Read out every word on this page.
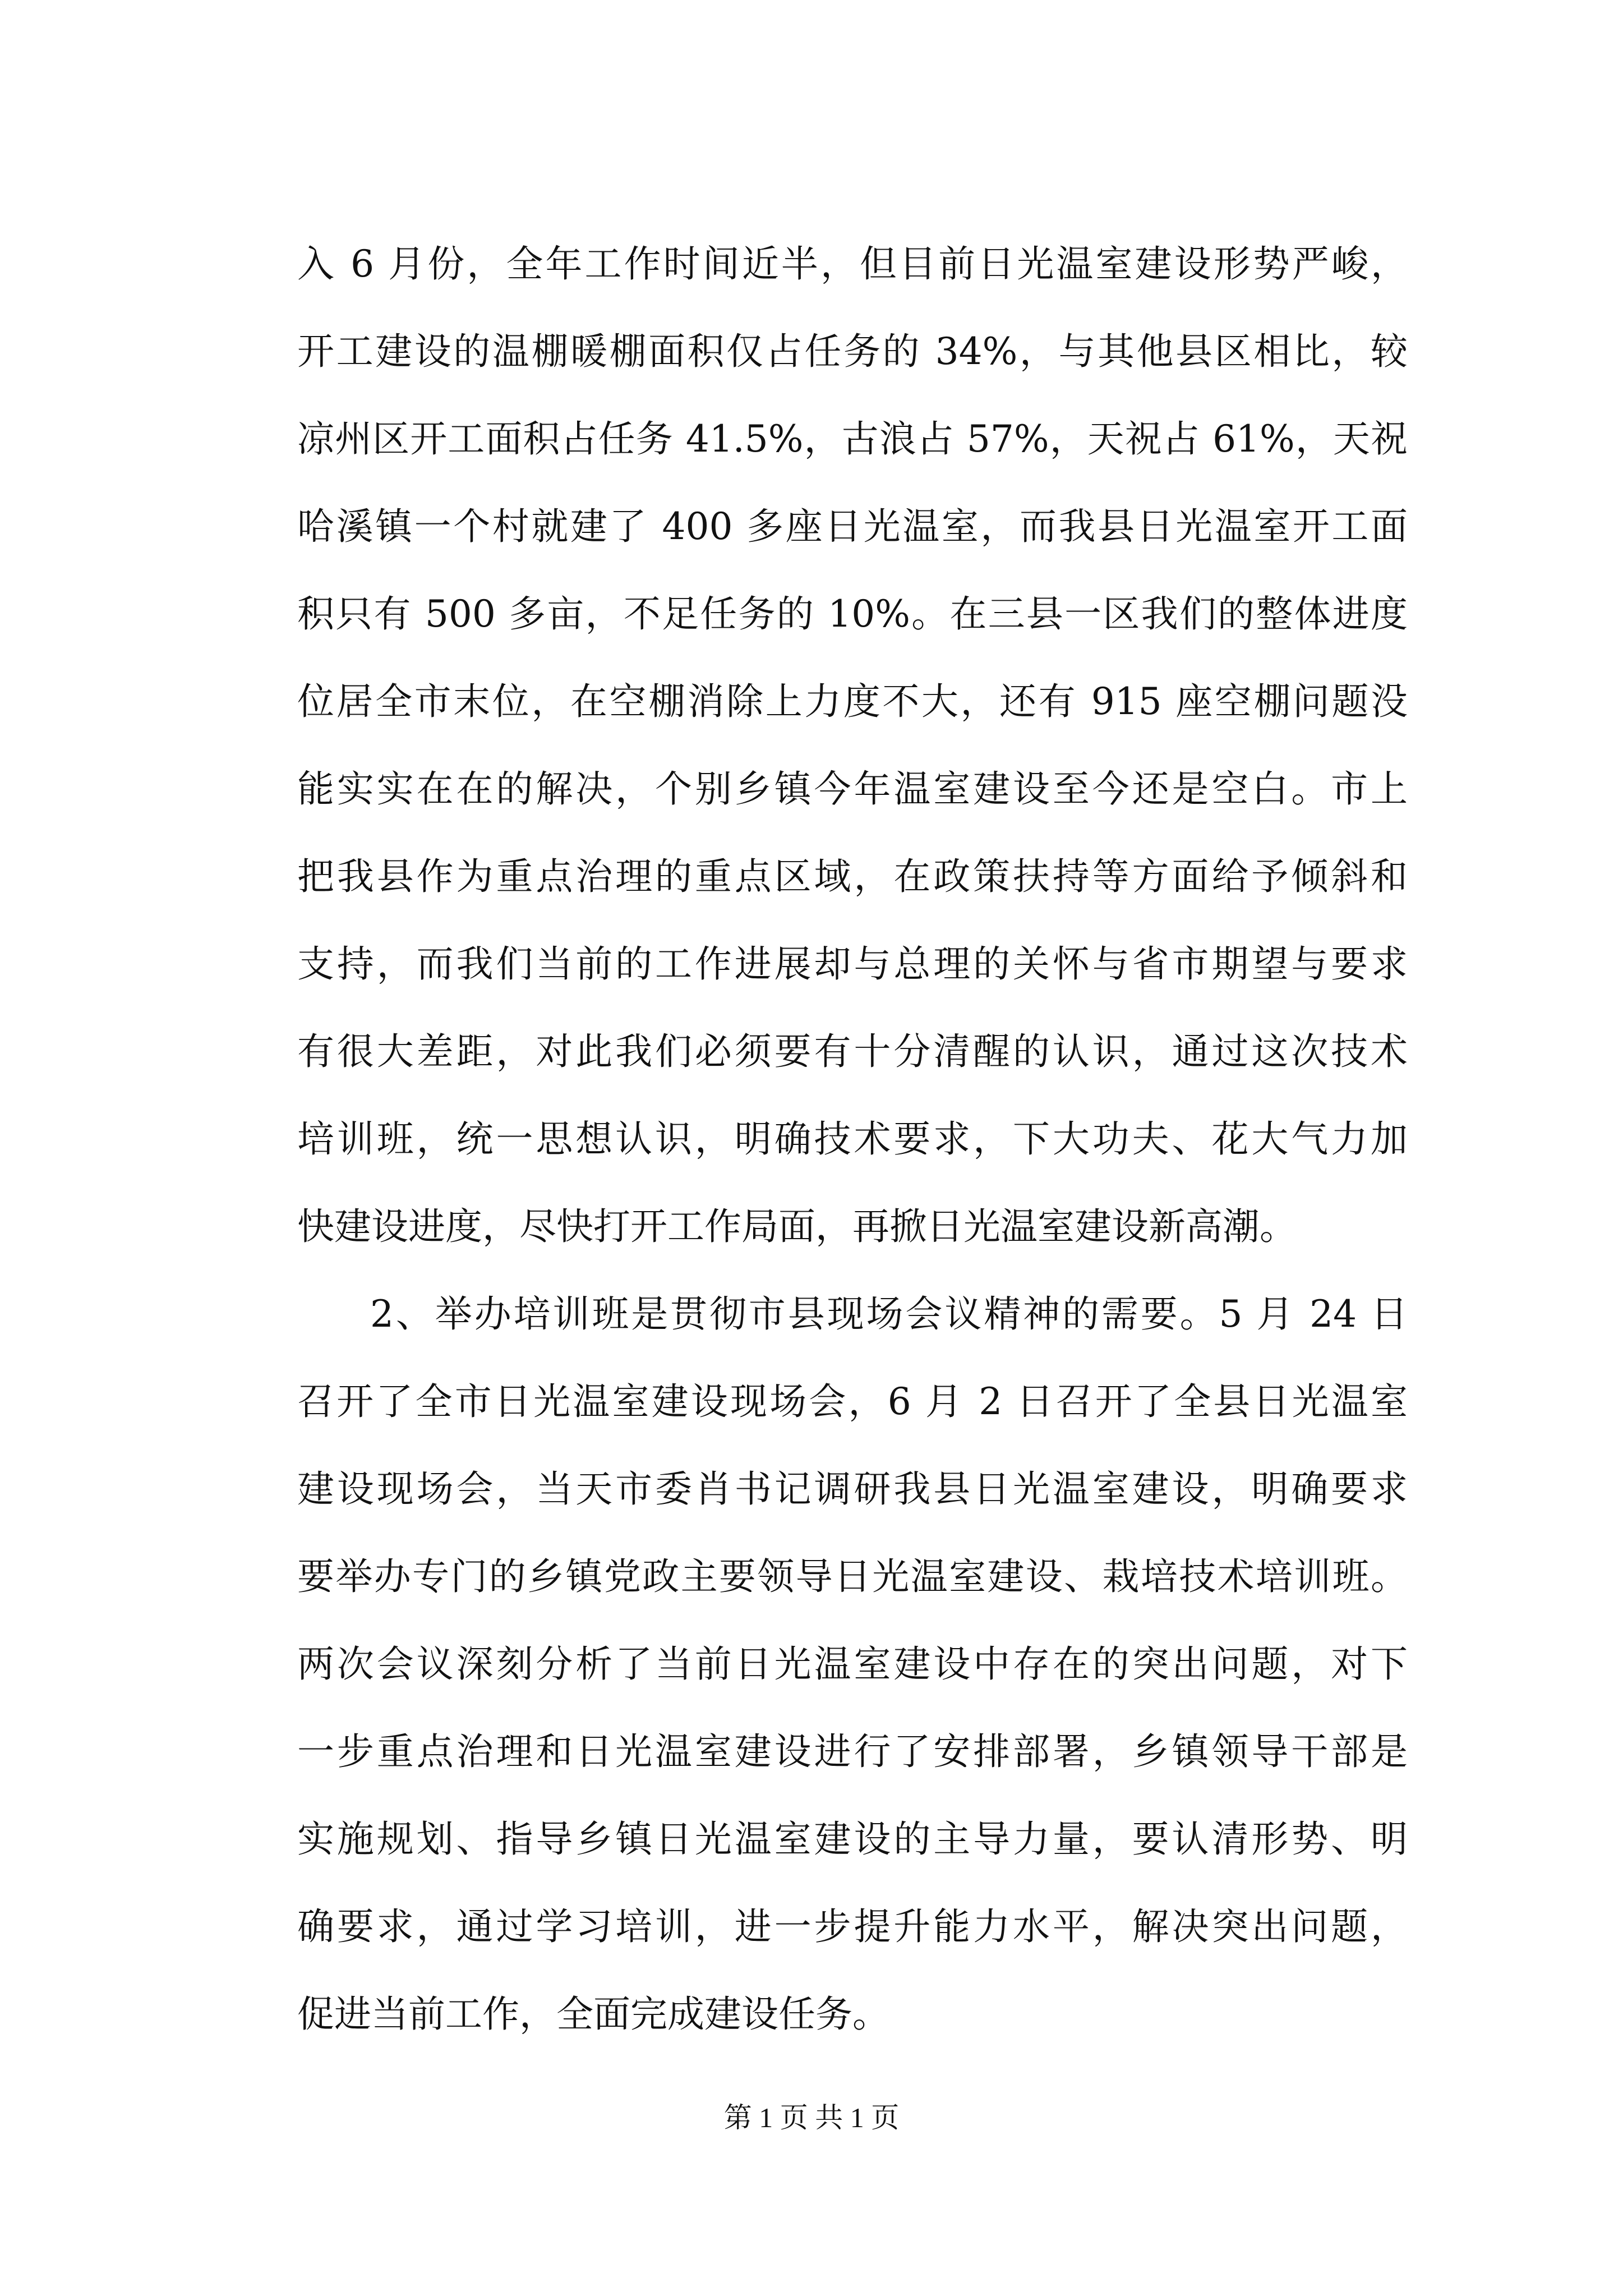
入 6 月份，全年工作时间近半，但目前日光温室建设形势严峻，
开工建设的温棚暖棚面积仅占任务的 34%，与其他县区相比，较
凉州区开工面积占任务 41.5%，古浪占 57%，天祝占 61%，天祝
哈溪镇一个村就建了 400 多座日光温室，而我县日光温室开工面
积只有 500 多亩，不足任务的 10%。在三县一区我们的整体进度
位居全市末位，在空棚消除上力度不大，还有 915 座空棚问题没
能实实在在的解决，个别乡镇今年温室建设至今还是空白。市上
把我县作为重点治理的重点区域，在政策扶持等方面给予倾斜和
支持，而我们当前的工作进展却与总理的关怀与省市期望与要求
有很大差距，对此我们必须要有十分清醒的认识，通过这次技术
培训班，统一思想认识，明确技术要求，下大功夫、花大气力加
快建设进度，尽快打开工作局面，再掀日光温室建设新高潮。
2、举办培训班是贯彻市县现场会议精神的需要。5 月 24 日
召开了全市日光温室建设现场会，6 月 2 日召开了全县日光温室
建设现场会，当天市委肖书记调研我县日光温室建设，明确要求
要举办专门的乡镇党政主要领导日光温室建设、栽培技术培训班。
两次会议深刻分析了当前日光温室建设中存在的突出问题，对下
一步重点治理和日光温室建设进行了安排部署，乡镇领导干部是
实施规划、指导乡镇日光温室建设的主导力量，要认清形势、明
确要求，通过学习培训，进一步提升能力水平，解决突出问题，
促进当前工作，全面完成建设任务。
第 1 页 共 1 页
